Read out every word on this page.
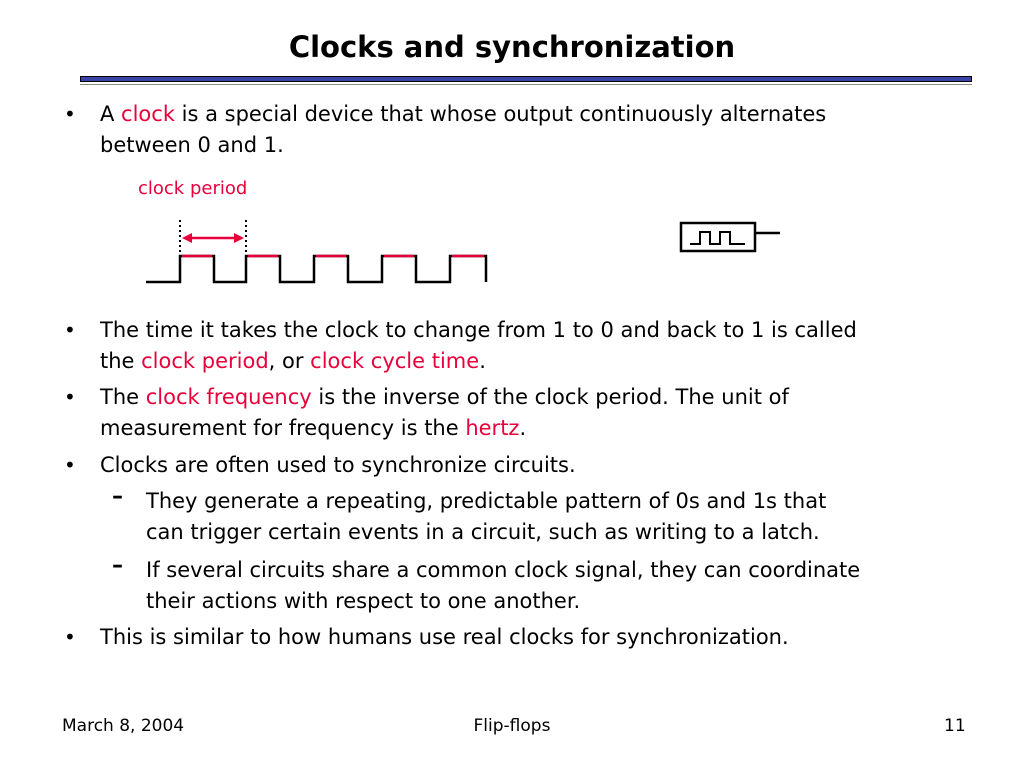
Clocks and synchronization
• A clock is a special device that whose output continuously alternates
between 0 and 1.
clock period
• The time it takes the clock to change from 1 to 0 and back to 1 is called
the clock period, or clock cycle time.
• The clock frequency is the inverse of the clock period. The unit of
measurement for frequency is the hertz.
• Clocks are often used to synchronize circuits.
– They generate a repeating, predictable pattern of 0s and 1s that
can trigger certain events in a circuit, such as writing to a latch.
– If several circuits share a common clock signal, they can coordinate
their actions with respect to one another.
• This is similar to how humans use real clocks for synchronization.
March 8, 2004	Flip-flops	11
